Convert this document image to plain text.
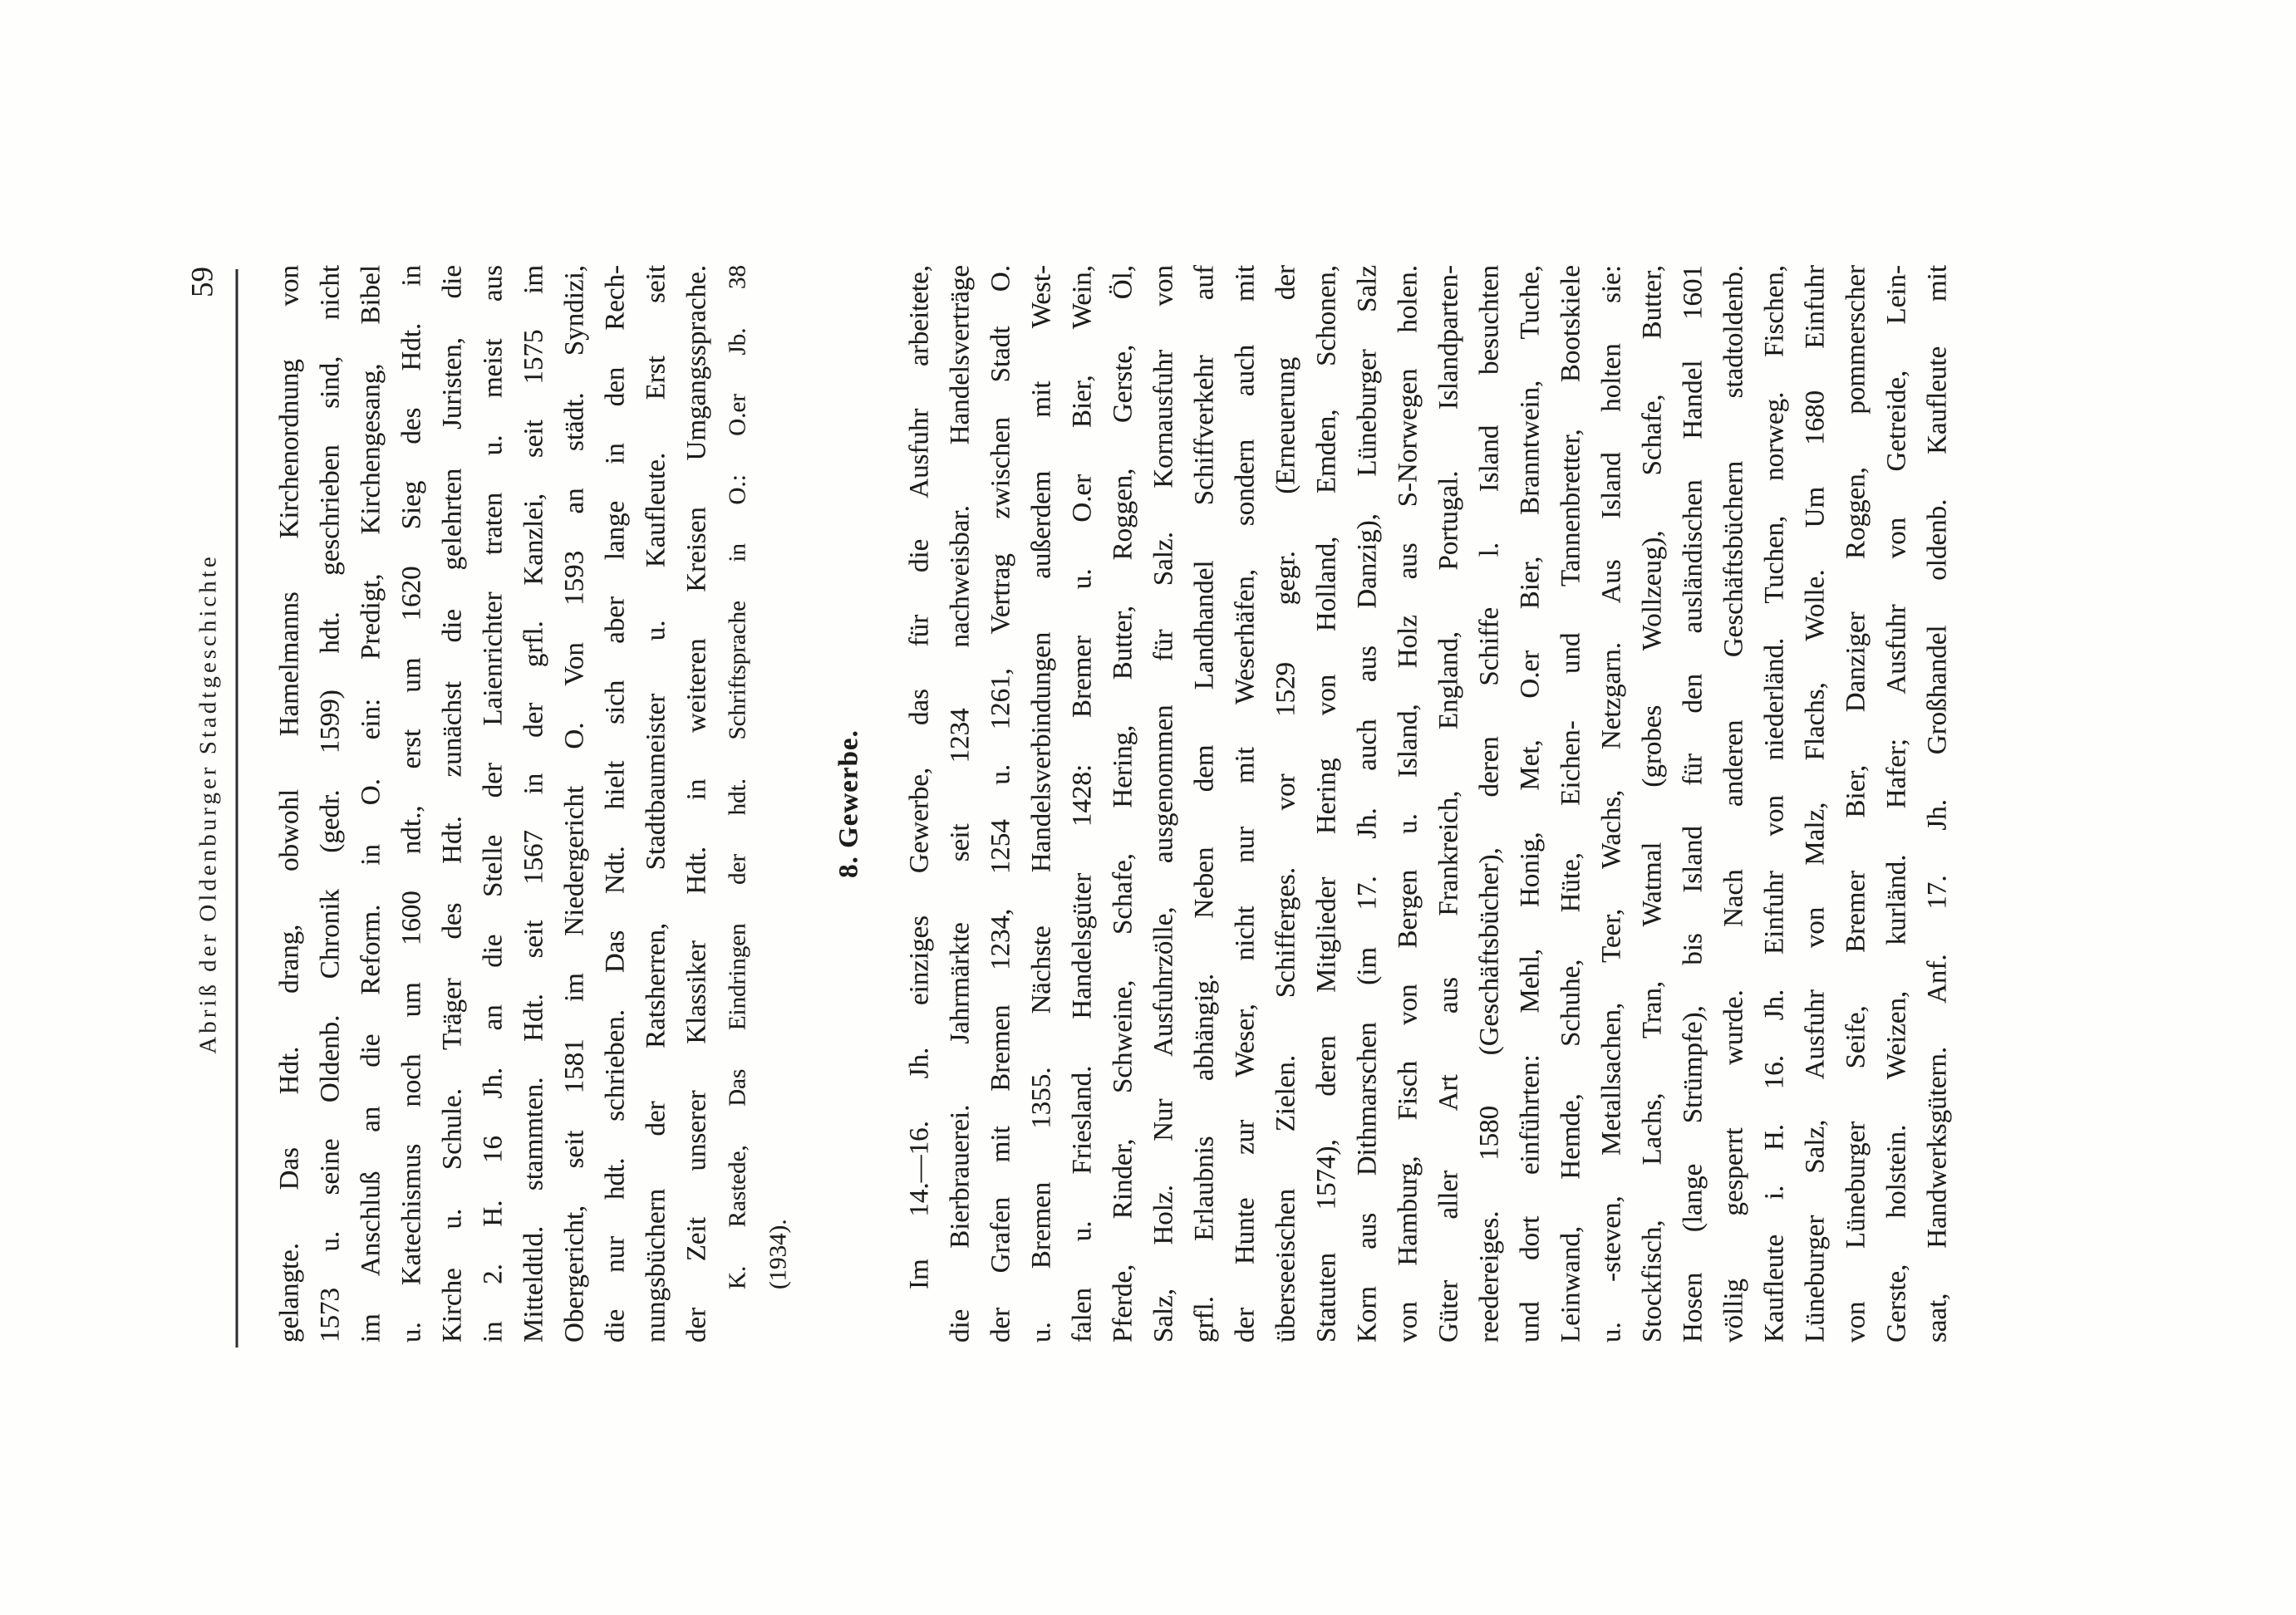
Abriß der Oldenburger Stadtgeschichte
59 gelangte. Das Hdt. drang, obwohl Hamelmanns Kirchenordnung von 1573 u. seine Oldenb. Chronik (gedr. 1599) hdt. geschrieben sind, nicht im Anschluß an die Reform. in O. ein: Predigt, Kirchengesang, Bibel u. Katechismus noch um 1600 ndt., erst um 1620 Sieg des Hdt. in Kirche u. Schule. Träger des Hdt. zunächst die gelehrten Juristen, die in 2. H. 16 Jh. an die Stelle der Laienrichter traten u. meist aus Mitteldtld. stammten. Hdt. seit 1567 in der grfl. Kanzlei, seit 1575 im Obergericht, seit 1581 im Niedergericht O. Von 1593 an städt. Syndizi, die nur hdt. schrieben. Das Ndt. hielt sich aber lange in den Rech- nungsbüchern der Ratsherren, Stadtbaumeister u. Kaufleute. Erst seit der Zeit unserer Klassiker Hdt. in weiteren Kreisen Umgangssprache. K. Rastede, Das Eindringen der hdt. Schriftsprache in O.: O.er Jb. 38 (1934).
8. Gewerbe. Im 14.—16. Jh. einziges Gewerbe, das für die Ausfuhr arbeitete, die Bierbrauerei. Jahrmärkte seit 1234 nachweisbar. Handelsverträge der Grafen mit Bremen 1234, 1254 u. 1261, Vertrag zwischen Stadt O. u. Bremen 1355. Nächste Handelsverbindungen außerdem mit West- falen u. Friesland. Handelsgüter 1428: Bremer u. O.er Bier, Wein, Pferde, Rinder, Schweine, Schafe, Hering, Butter, Roggen, Gerste, Öl, Salz, Holz. Nur Ausfuhrzölle, ausgenommen für Salz. Kornausfuhr von grfl. Erlaubnis abhängig. Neben dem Landhandel Schiffverkehr auf der Hunte zur Weser, nicht nur mit Weserhäfen, sondern auch mit überseeischen Zielen. Schifferges. vor 1529 gegr. (Erneuerung der Statuten 1574), deren Mitglieder Hering von Holland, Emden, Schonen, Korn aus Dithmarschen (im 17. Jh. auch aus Danzig), Lüneburger Salz von Hamburg, Fisch von Bergen u. Island, Holz aus S-Norwegen holen. Güter aller Art aus Frankreich, England, Portugal. Islandparten- reedereiges. 1580 (Geschäftsbücher), deren Schiffe l. Island besuchten und dort einführten: Mehl, Honig, Met, O.er Bier, Branntwein, Tuche, Leinwand, Hemde, Schuhe, Hüte, Eichen- und Tannenbretter, Bootskiele u. -steven, Metallsachen, Teer, Wachs, Netzgarn. Aus Island holten sie: Stockfisch, Lachs, Tran, Watmal (grobes Wollzeug), Schafe, Butter, Hosen (lange Strümpfe), bis Island für den ausländischen Handel 1601 völlig gesperrt wurde. Nach anderen Geschäftsbüchern stadtoldenb. Kaufleute i. H. 16. Jh. Einfuhr von niederländ. Tuchen, norweg. Fischen, Lüneburger Salz, Ausfuhr von Malz, Flachs, Wolle. Um 1680 Einfuhr von Lüneburger Seife, Bremer Bier, Danziger Roggen, pommerscher Gerste, holstein. Weizen, kurländ. Hafer; Ausfuhr von Getreide, Lein- saat, Handwerksgütern. Anf. 17. Jh. Großhandel oldenb. Kaufleute mit
